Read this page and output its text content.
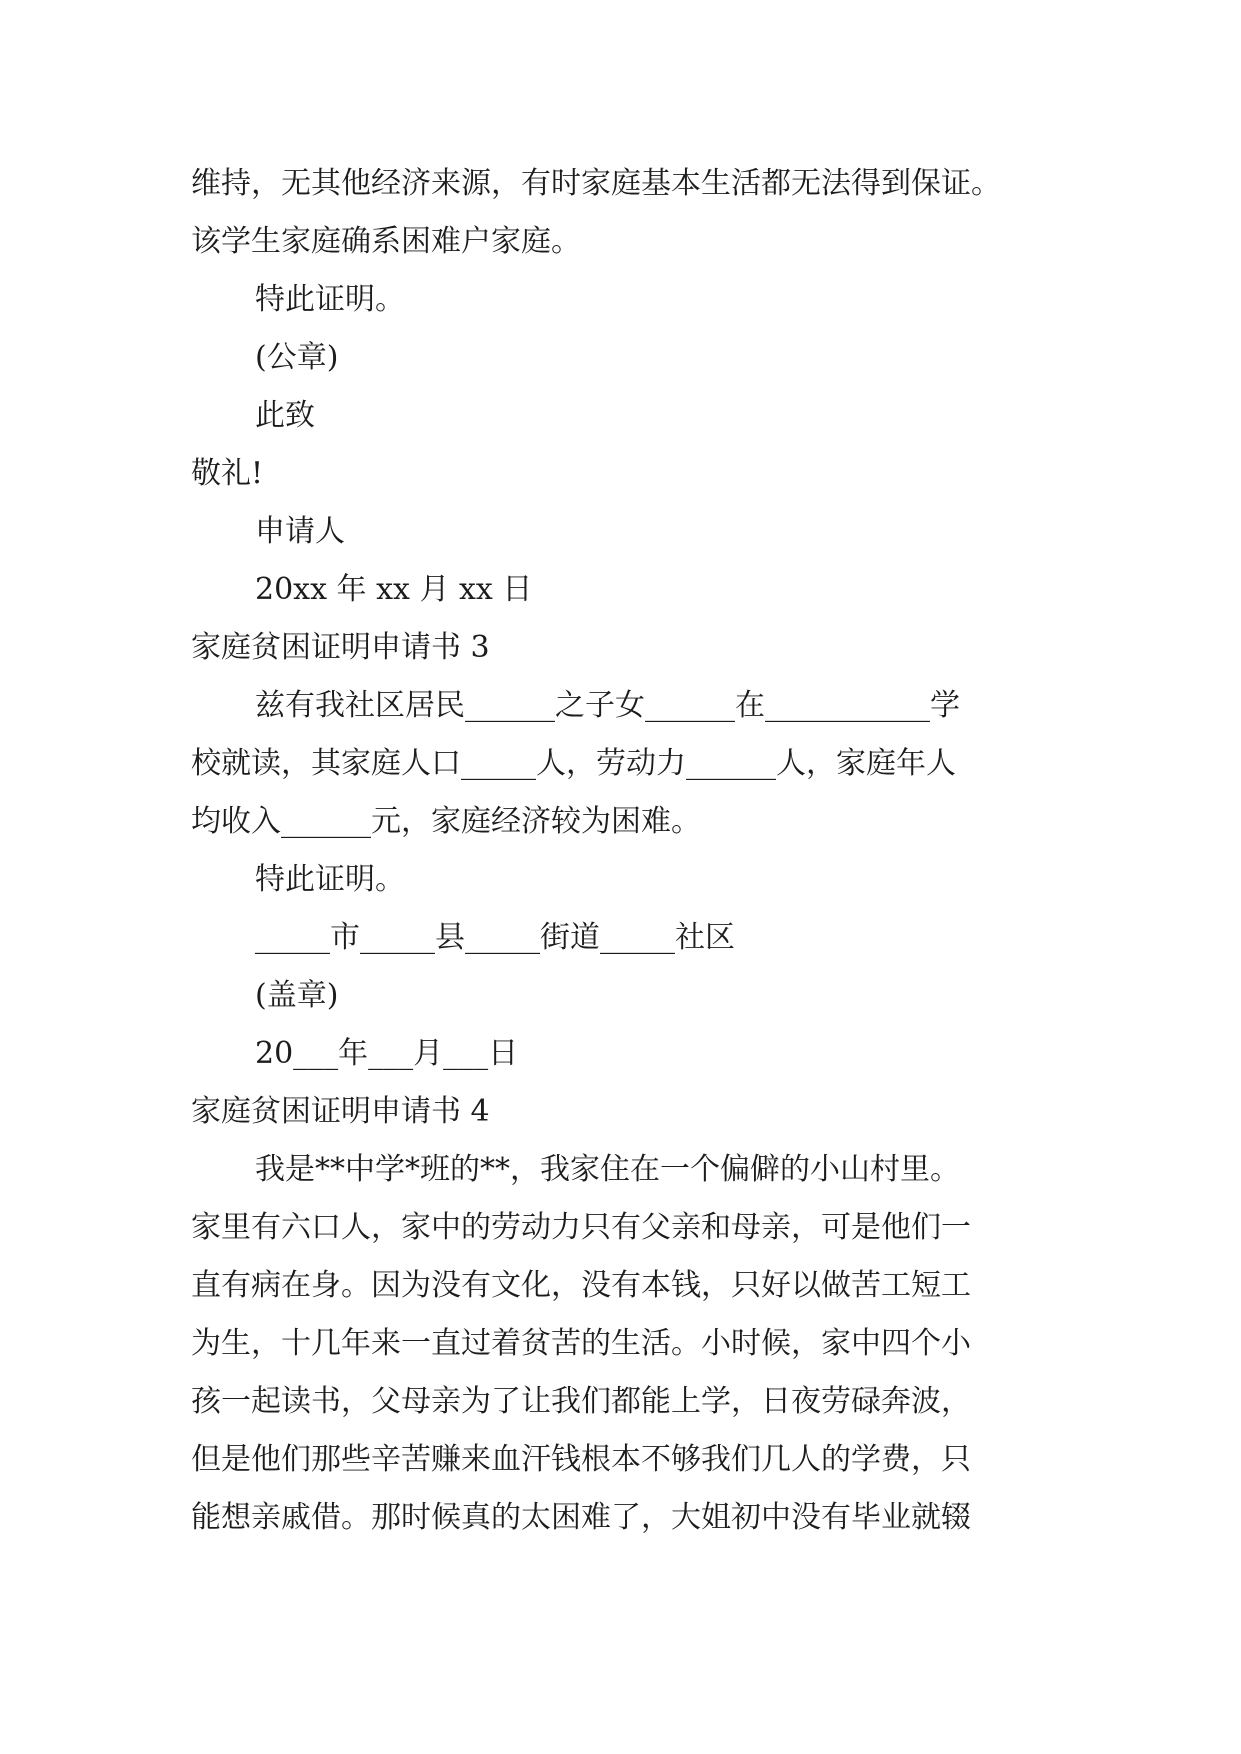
维持，无其他经济来源，有时家庭基本生活都无法得到保证。
该学生家庭确系困难户家庭。
特此证明。
(公章)
此致
敬礼!
申请人
20xx 年 xx 月 xx 日
家庭贫困证明申请书 3
兹有我社区居民______之子女______在___________学
校就读，其家庭人口_____人，劳动力______人，家庭年人
均收入______元，家庭经济较为困难。
特此证明。
_____市_____县_____街道_____社区
(盖章)
20___年___月___日
家庭贫困证明申请书 4
我是**中学*班的**，我家住在一个偏僻的小山村里。
家里有六口人，家中的劳动力只有父亲和母亲，可是他们一
直有病在身。因为没有文化，没有本钱，只好以做苦工短工
为生，十几年来一直过着贫苦的生活。小时候，家中四个小
孩一起读书，父母亲为了让我们都能上学，日夜劳碌奔波，
但是他们那些辛苦赚来血汗钱根本不够我们几人的学费，只
能想亲戚借。那时候真的太困难了，大姐初中没有毕业就辍
